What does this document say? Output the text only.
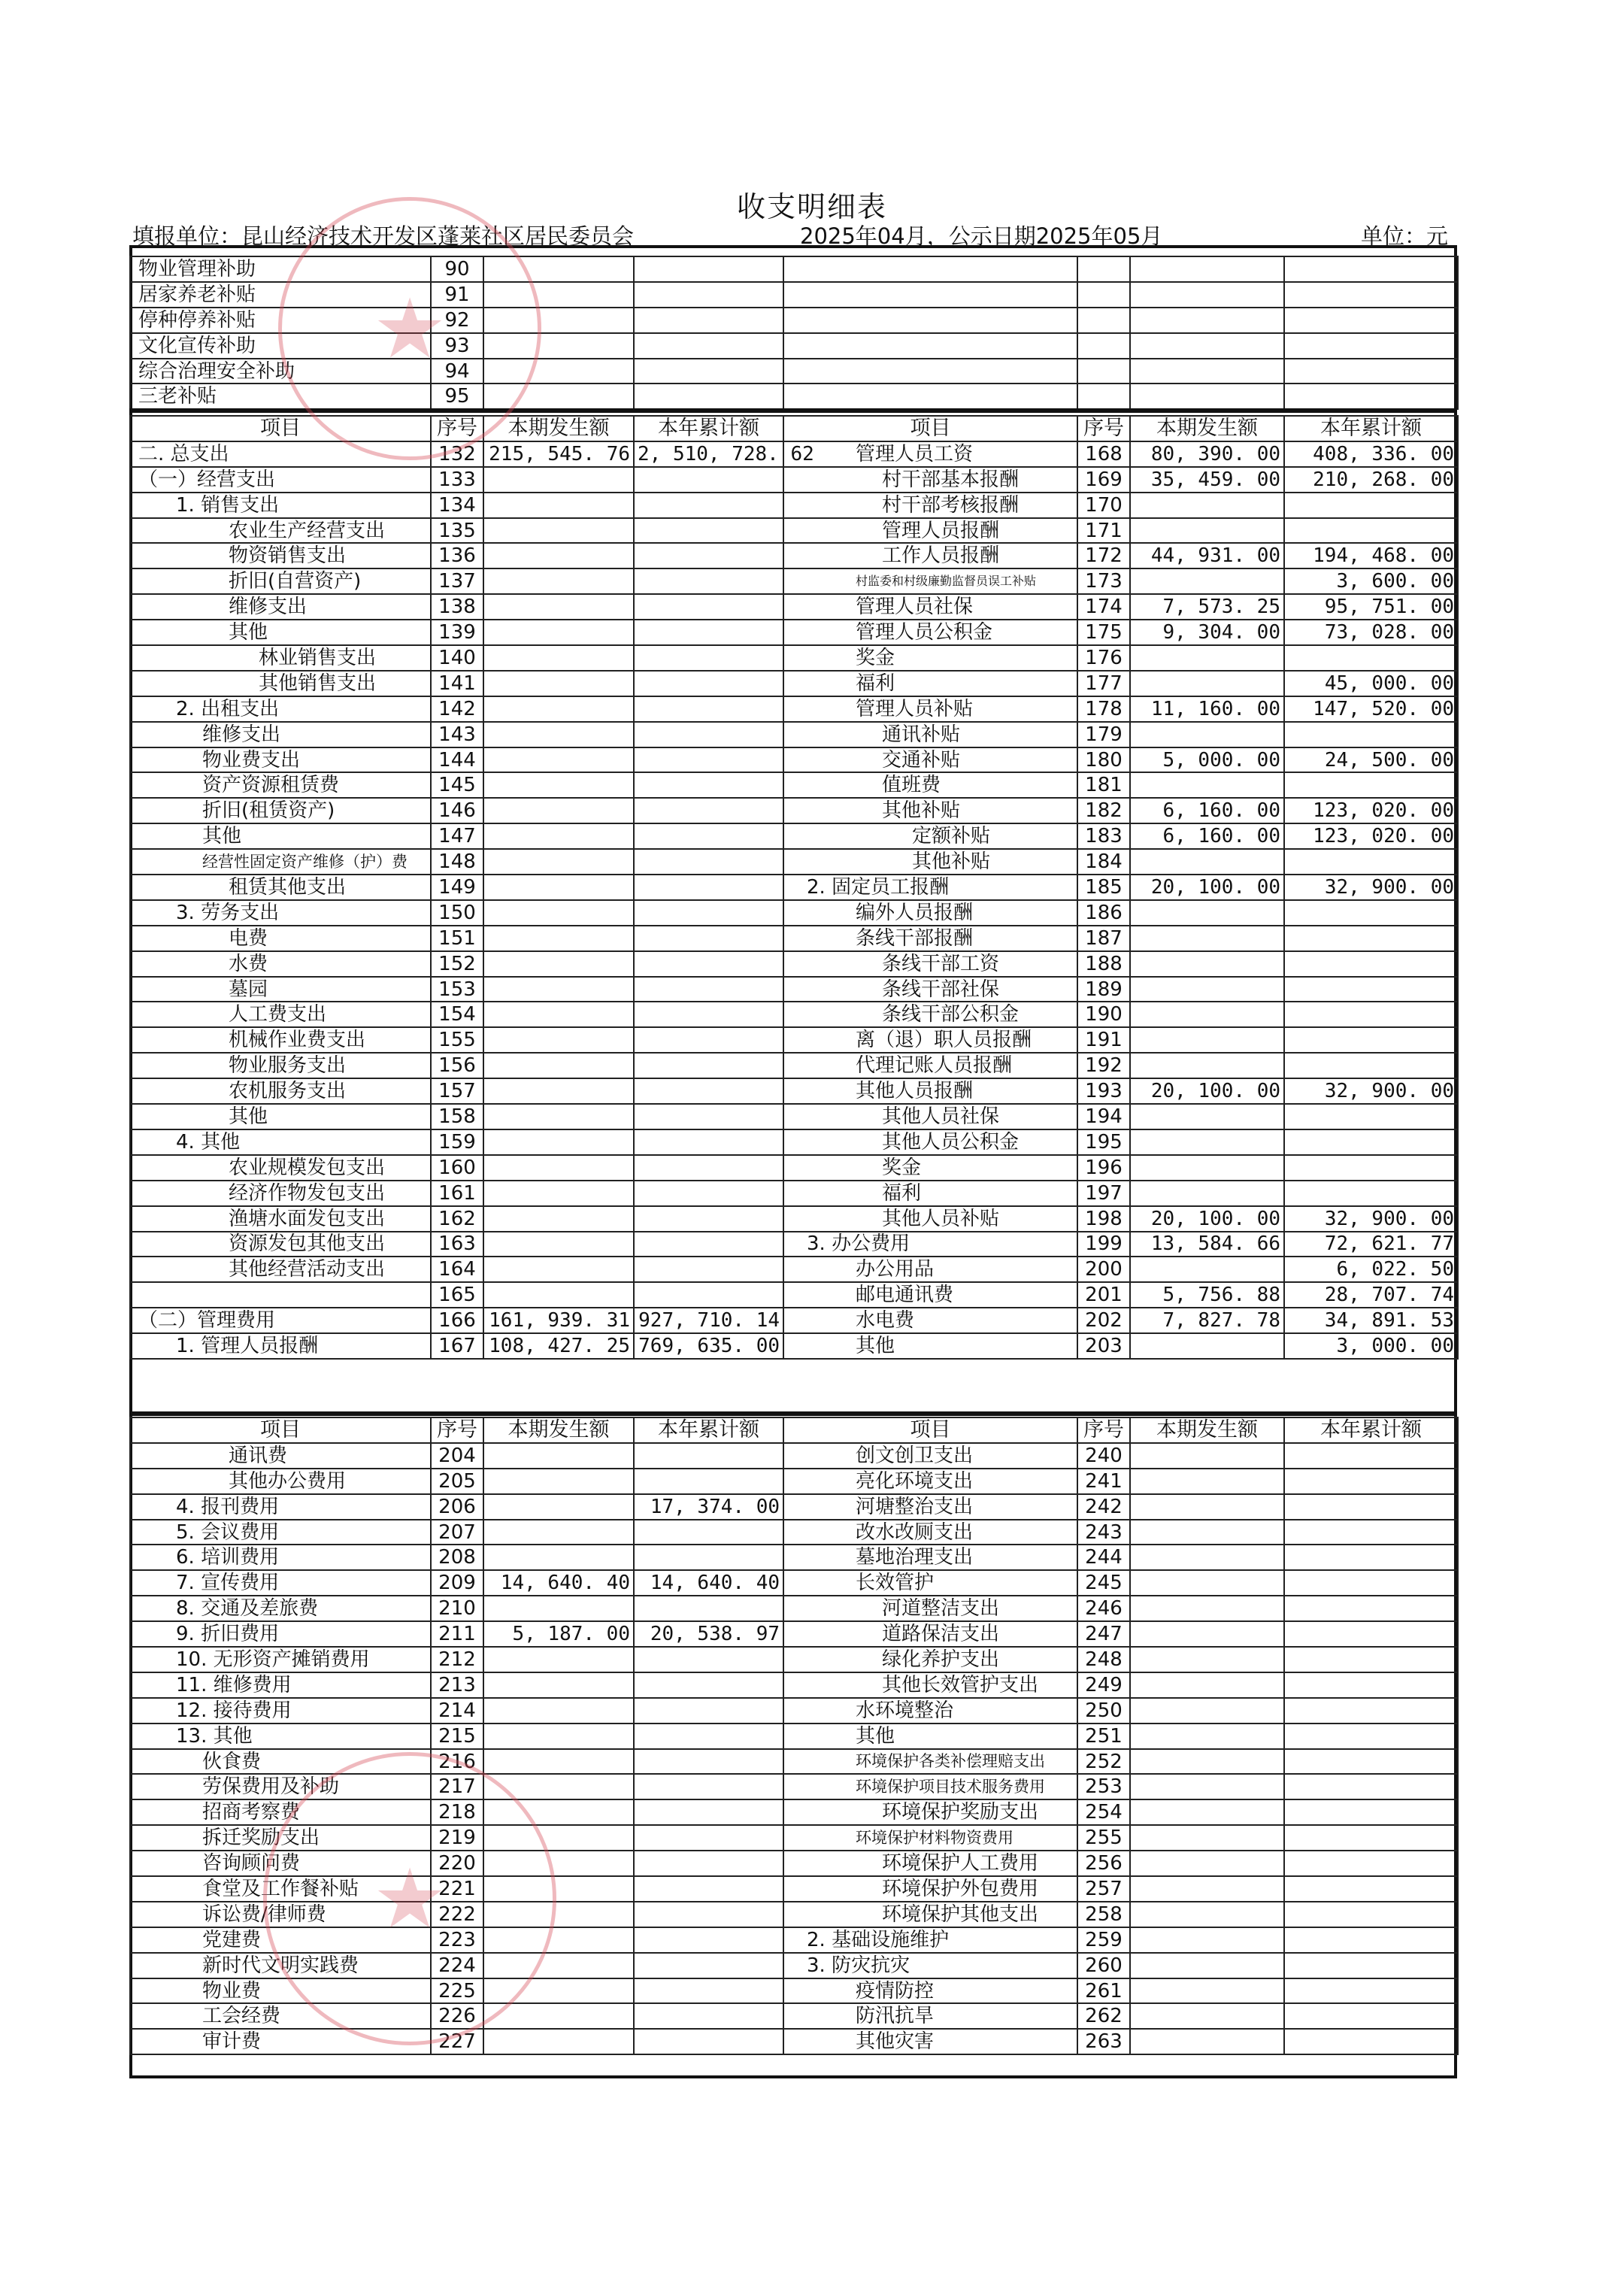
收支明细表
填报单位：昆山经济技术开发区蓬莱社区居民委员会	2025年04月，公示日期2025年05月	单位：元
物业管理补助	90						
居家养老补贴	91						
停种停养补贴	92						
文化宣传补助	93						
综合治理安全补助	94						
三老补贴	95						
项目	序号	本期发生额	本年累计额	项目	序号	本期发生额	本年累计额
二. 总支出	132	215, 545. 76	2, 510, 728. 62	管理人员工资	168	80, 390. 00	408, 336. 00
（一）经营支出	133			村干部基本报酬	169	35, 459. 00	210, 268. 00
1. 销售支出	134			村干部考核报酬	170		
农业生产经营支出	135			管理人员报酬	171		
物资销售支出	136			工作人员报酬	172	44, 931. 00	194, 468. 00
折旧(自营资产)	137			村监委和村级廉勤监督员误工补贴	173		3, 600. 00
维修支出	138			管理人员社保	174	7, 573. 25	95, 751. 00
其他	139			管理人员公积金	175	9, 304. 00	73, 028. 00
林业销售支出	140			奖金	176		
其他销售支出	141			福利	177		45, 000. 00
2. 出租支出	142			管理人员补贴	178	11, 160. 00	147, 520. 00
维修支出	143			通讯补贴	179		
物业费支出	144			交通补贴	180	5, 000. 00	24, 500. 00
资产资源租赁费	145			值班费	181		
折旧(租赁资产)	146			其他补贴	182	6, 160. 00	123, 020. 00
其他	147			定额补贴	183	6, 160. 00	123, 020. 00
经营性固定资产维修（护）费	148			其他补贴	184		
租赁其他支出	149			2. 固定员工报酬	185	20, 100. 00	32, 900. 00
3. 劳务支出	150			编外人员报酬	186		
电费	151			条线干部报酬	187		
水费	152			条线干部工资	188		
墓园	153			条线干部社保	189		
人工费支出	154			条线干部公积金	190		
机械作业费支出	155			离（退）职人员报酬	191		
物业服务支出	156			代理记账人员报酬	192		
农机服务支出	157			其他人员报酬	193	20, 100. 00	32, 900. 00
其他	158			其他人员社保	194		
4. 其他	159			其他人员公积金	195		
农业规模发包支出	160			奖金	196		
经济作物发包支出	161			福利	197		
渔塘水面发包支出	162			其他人员补贴	198	20, 100. 00	32, 900. 00
资源发包其他支出	163			3. 办公费用	199	13, 584. 66	72, 621. 77
其他经营活动支出	164			办公用品	200		6, 022. 50
	165			邮电通讯费	201	5, 756. 88	28, 707. 74
（二）管理费用	166	161, 939. 31	927, 710. 14	水电费	202	7, 827. 78	34, 891. 53
1. 管理人员报酬	167	108, 427. 25	769, 635. 00	其他	203		3, 000. 00
项目	序号	本期发生额	本年累计额	项目	序号	本期发生额	本年累计额
通讯费	204			创文创卫支出	240		
其他办公费用	205			亮化环境支出	241		
4. 报刊费用	206		17, 374. 00	河塘整治支出	242		
5. 会议费用	207			改水改厕支出	243		
6. 培训费用	208			墓地治理支出	244		
7. 宣传费用	209	14, 640. 40	14, 640. 40	长效管护	245		
8. 交通及差旅费	210			河道整洁支出	246		
9. 折旧费用	211	5, 187. 00	20, 538. 97	道路保洁支出	247		
10. 无形资产摊销费用	212			绿化养护支出	248		
11. 维修费用	213			其他长效管护支出	249		
12. 接待费用	214			水环境整治	250		
13. 其他	215			其他	251		
伙食费	216			环境保护各类补偿理赔支出	252		
劳保费用及补助	217			环境保护项目技术服务费用	253		
招商考察费	218			环境保护奖励支出	254		
拆迁奖励支出	219			环境保护材料物资费用	255		
咨询顾问费	220			环境保护人工费用	256		
食堂及工作餐补贴	221			环境保护外包费用	257		
诉讼费/律师费	222			环境保护其他支出	258		
党建费	223			2. 基础设施维护	259		
新时代文明实践费	224			3. 防灾抗灾	260		
物业费	225			疫情防控	261		
工会经费	226			防汛抗旱	262		
审计费	227			其他灾害	263		
★
★
